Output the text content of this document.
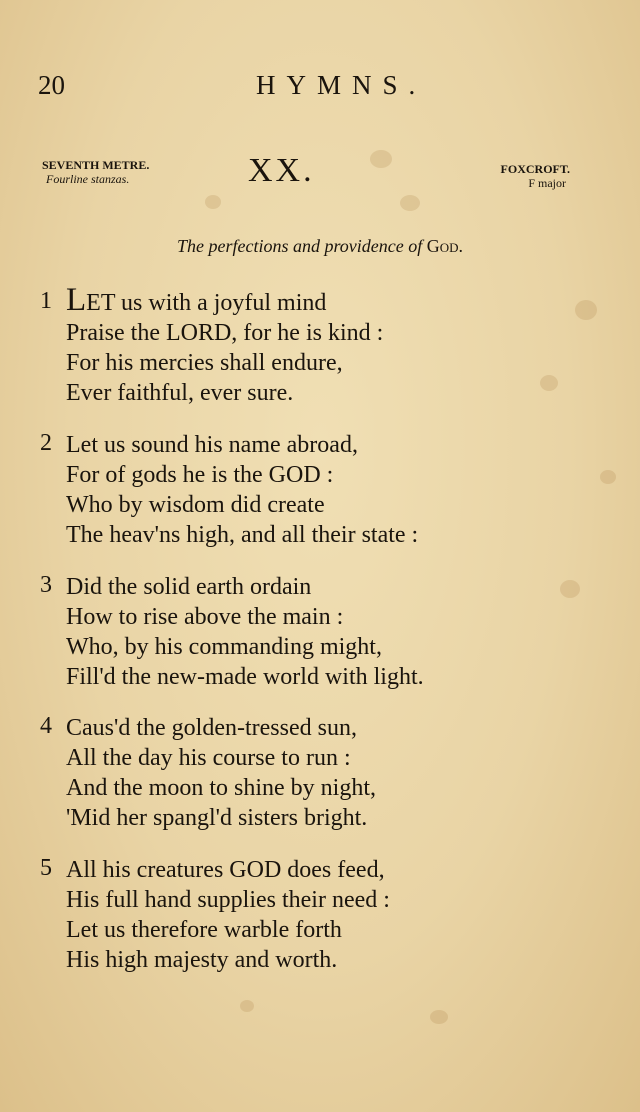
20	HYMNS.
SEVENTH METRE.
Fourline stanzas.	XX.	FOXCROFT.
F major
The perfections and providence of God.
1 LET us with a joyful mind
Praise the LORD, for he is kind :
For his mercies shall endure,
Ever faithful, ever sure.
2 Let us sound his name abroad,
For of gods he is the GOD :
Who by wisdom did create
The heav'ns high, and all their state :
3 Did the solid earth ordain
How to rise above the main :
Who, by his commanding might,
Fill'd the new-made world with light.
4 Caus'd the golden-tressed sun,
All the day his course to run :
And the moon to shine by night,
'Mid her spangl'd sisters bright.
5 All his creatures GOD does feed,
His full hand supplies their need :
Let us therefore warble forth
His high majesty and worth.
